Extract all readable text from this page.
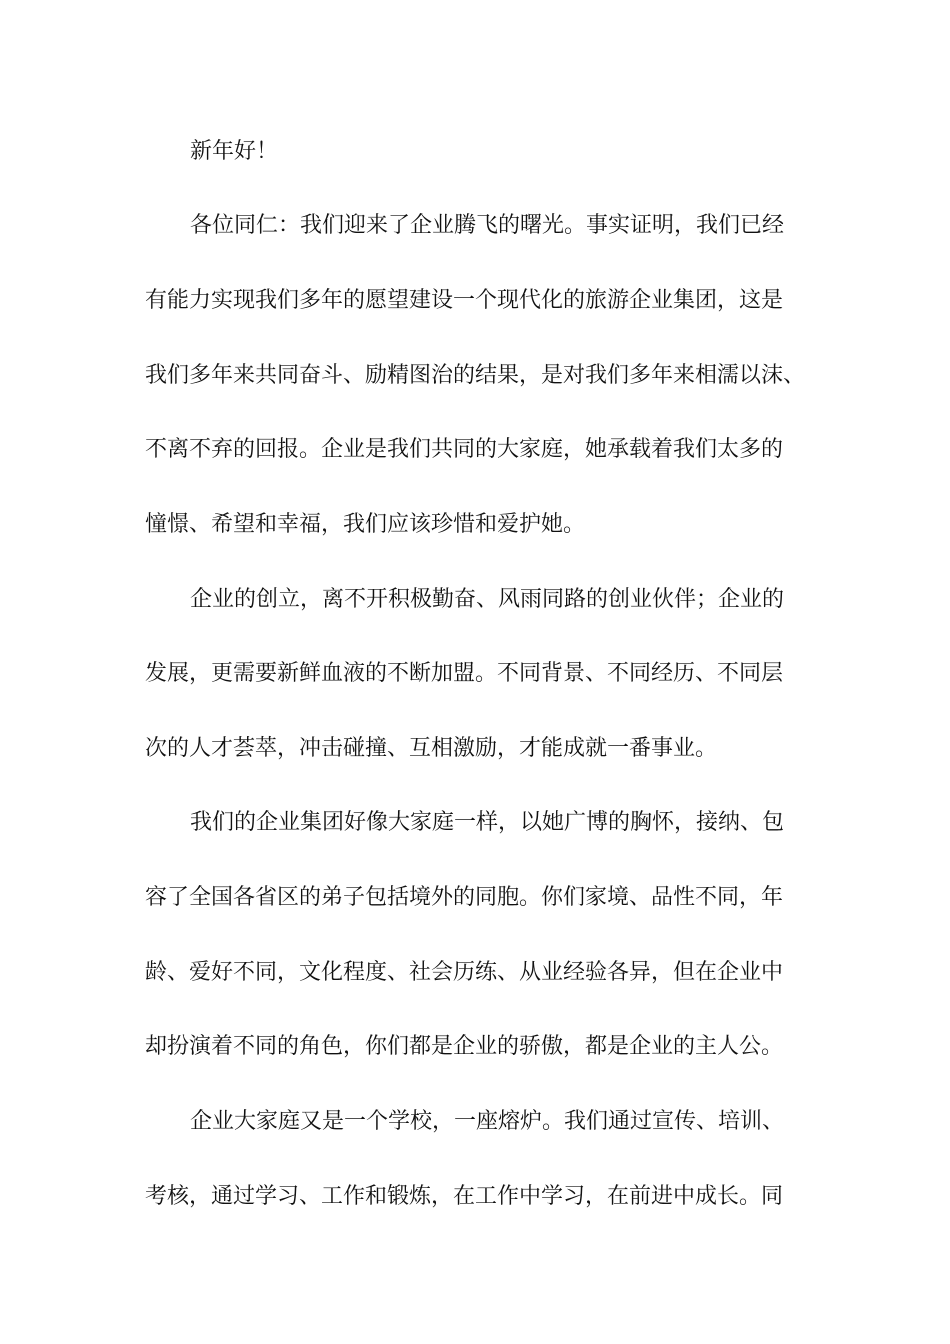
新年好！

各位同仁：我们迎来了企业腾飞的曙光。事实证明，我们已经

有能力实现我们多年的愿望建设一个现代化的旅游企业集团，这是

我们多年来共同奋斗、励精图治的结果，是对我们多年来相濡以沫、

不离不弃的回报。企业是我们共同的大家庭，她承载着我们太多的

憧憬、希望和幸福，我们应该珍惜和爱护她。

企业的创立，离不开积极勤奋、风雨同路的创业伙伴；企业的

发展，更需要新鲜血液的不断加盟。不同背景、不同经历、不同层

次的人才荟萃，冲击碰撞、互相激励，才能成就一番事业。

我们的企业集团好像大家庭一样，以她广博的胸怀，接纳、包

容了全国各省区的弟子包括境外的同胞。你们家境、品性不同，年

龄、爱好不同，文化程度、社会历练、从业经验各异，但在企业中

却扮演着不同的角色，你们都是企业的骄傲，都是企业的主人公。

企业大家庭又是一个学校，一座熔炉。我们通过宣传、培训、

考核，通过学习、工作和锻炼，在工作中学习，在前进中成长。同
